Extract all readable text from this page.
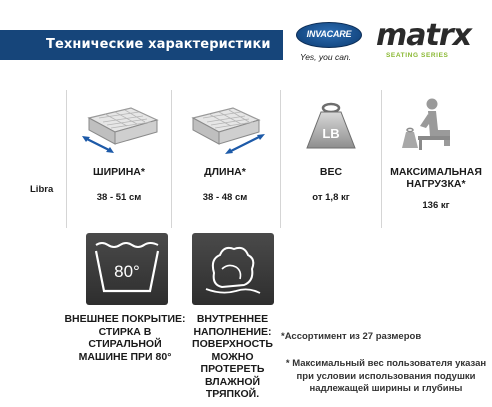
Технические характеристики
INVACARE
Yes, you can.
matrx
SEATING SERIES
Libra
ШИРИНА*
38 - 51 см
ДЛИНА*
38 - 48 см
LB
ВЕС
от 1,8 кг
МАКСИМАЛЬНАЯ НАГРУЗКА*
136 кг
80°
ВНЕШНЕЕ ПОКРЫТИЕ:
СТИРКА В
СТИРАЛЬНОЙ
МАШИНЕ ПРИ 80°
ВНУТРЕННЕЕ
НАПОЛНЕНИЕ:
ПОВЕРХНОСТЬ
МОЖНО
ПРОТЕРЕТЬ
ВЛАЖНОЙ
ТРЯПКОЙ.
*Ассортимент из 27 размеров
* Максимальный вес пользователя указан
при условии использования подушки
надлежащей ширины и глубины
